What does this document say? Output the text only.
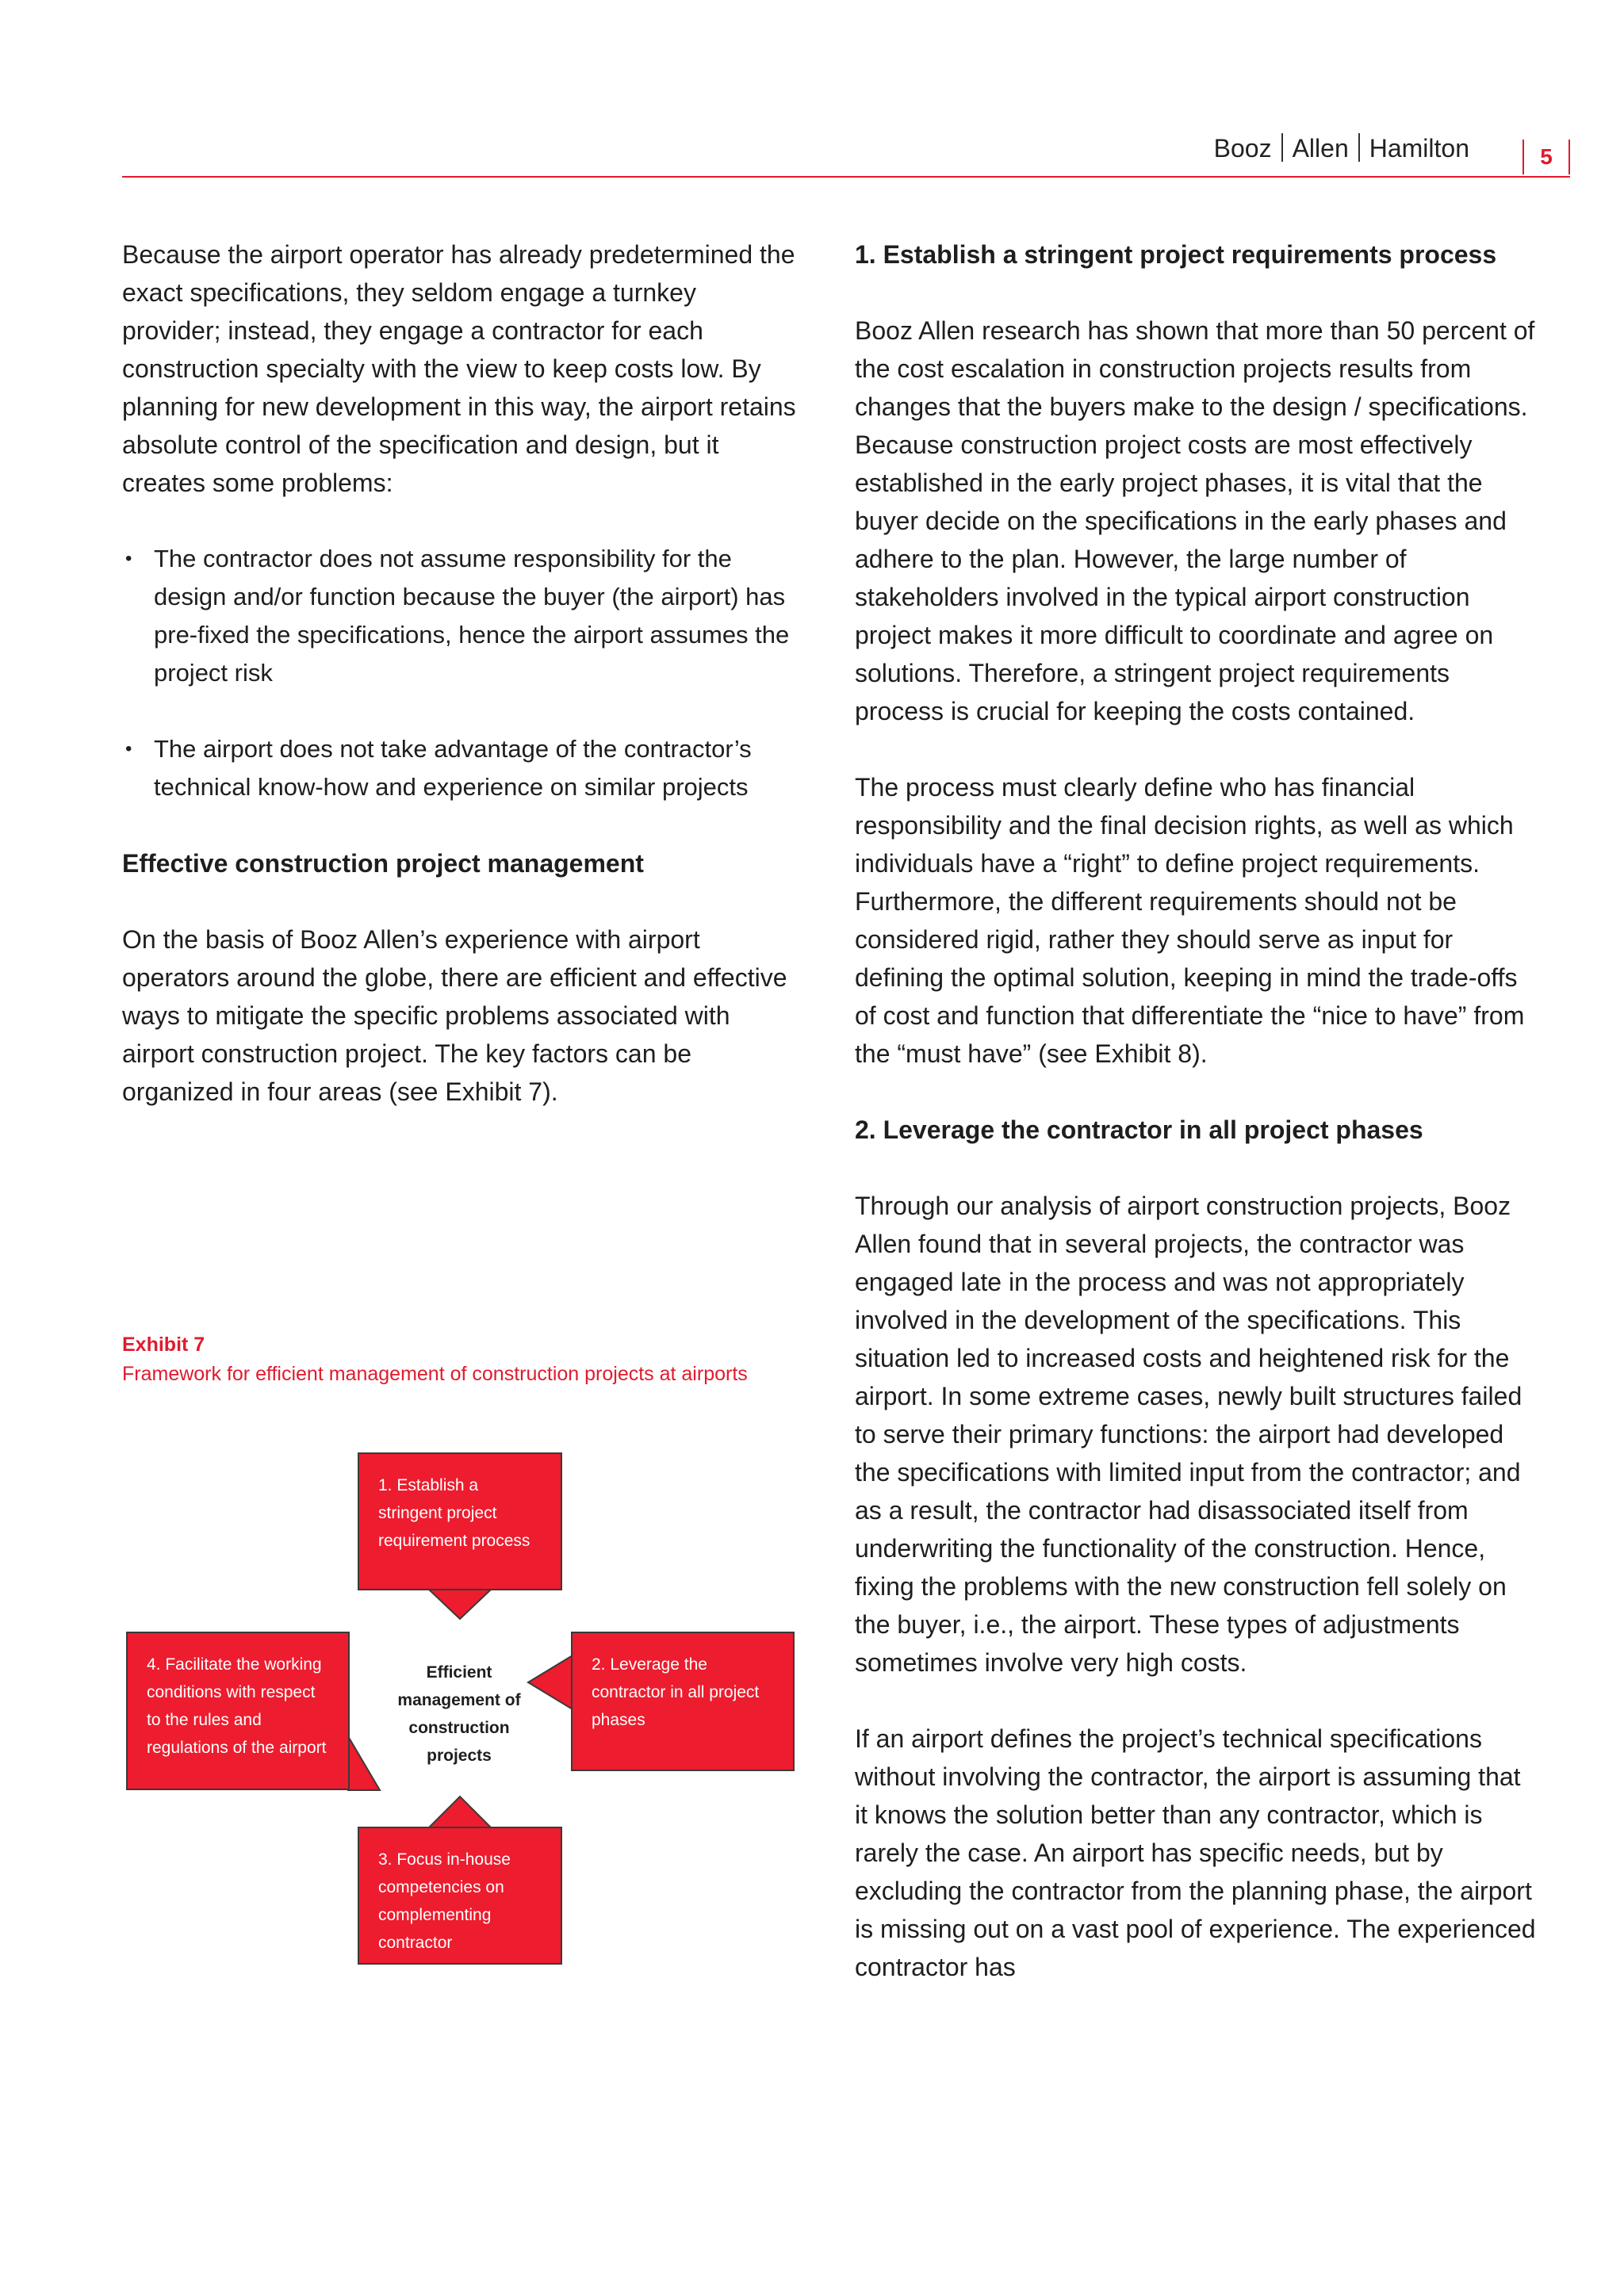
Booz Allen Hamilton	5

Because the airport operator has already predetermined the exact specifications, they seldom engage a turnkey provider; instead, they engage a contractor for each construction specialty with the view to keep costs low. By planning for new development in this way, the airport retains absolute control of the specification and design, but it creates some problems:

• The contractor does not assume responsibility for the design and/or function because the buyer (the airport) has pre-fixed the specifications, hence the airport assumes the project risk
• The airport does not take advantage of the contractor’s technical know-how and experience on similar projects

Effective construction project management

On the basis of Booz Allen’s experience with airport operators around the globe, there are efficient and effective ways to mitigate the specific problems associated with airport construction project. The key factors can be organized in four areas (see Exhibit 7).

Exhibit 7
Framework for efficient management of construction projects at airports
1. Establish a stringent project requirement process
2. Leverage the contractor in all project phases
4. Facilitate the working conditions with respect to the rules and regulations of the airport
3. Focus in-house competencies on complementing contractor
Efficient management of construction projects

1. Establish a stringent project requirements process

Booz Allen research has shown that more than 50 percent of the cost escalation in construction projects results from changes that the buyers make to the design / specifications. Because construction project costs are most effectively established in the early project phases, it is vital that the buyer decide on the specifications in the early phases and adhere to the plan. However, the large number of stakeholders involved in the typical airport construction project makes it more difficult to coordinate and agree on solutions. Therefore, a stringent project requirements process is crucial for keeping the costs contained.

The process must clearly define who has financial responsibility and the final decision rights, as well as which individuals have a “right” to define project requirements. Furthermore, the different requirements should not be considered rigid, rather they should serve as input for defining the optimal solution, keeping in mind the trade-offs of cost and function that differentiate the “nice to have” from the “must have” (see Exhibit 8).

2. Leverage the contractor in all project phases

Through our analysis of airport construction projects, Booz Allen found that in several projects, the contractor was engaged late in the process and was not appropriately involved in the development of the specifications. This situation led to increased costs and heightened risk for the airport. In some extreme cases, newly built structures failed to serve their primary functions: the airport had developed the specifications with limited input from the contractor; and as a result, the contractor had disassociated itself from underwriting the functionality of the construction. Hence, fixing the problems with the new construction fell solely on the buyer, i.e., the airport. These types of adjustments sometimes involve very high costs.

If an airport defines the project’s technical specifications without involving the contractor, the airport is assuming that it knows the solution better than any contractor, which is rarely the case. An airport has specific needs, but by excluding the contractor from the planning phase, the airport is missing out on a vast pool of experience. The experienced contractor has
